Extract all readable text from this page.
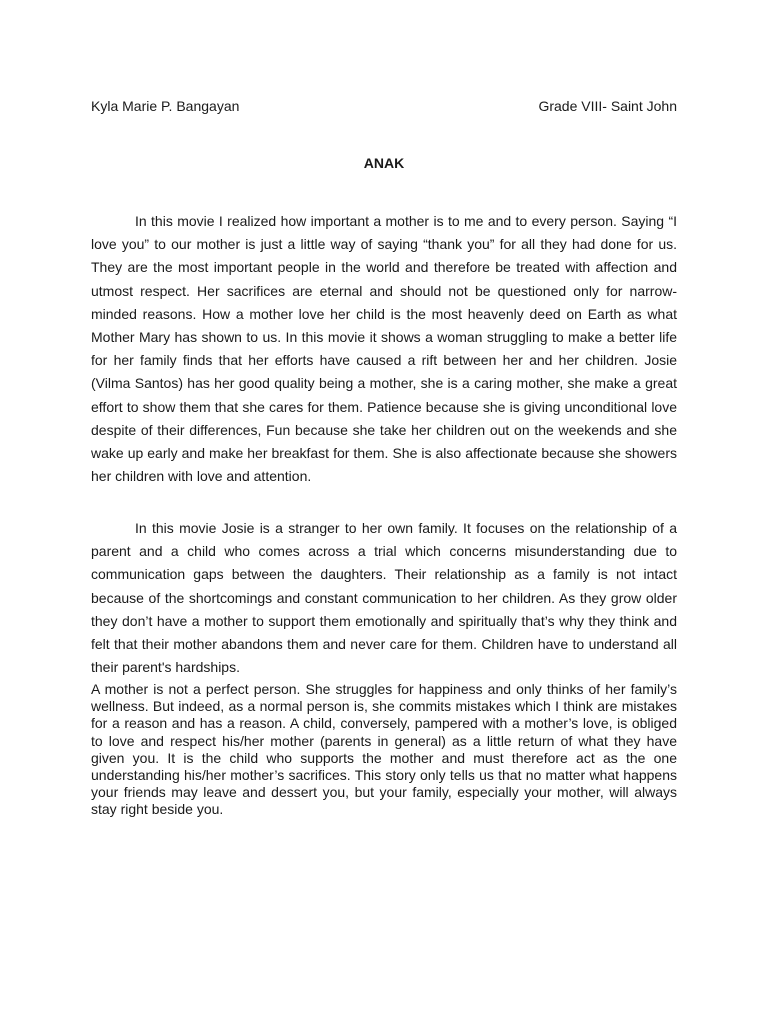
Kyla Marie P. Bangayan	Grade VIII- Saint John
ANAK

In this movie I realized how important a mother is to me and to every person. Saying “I love you” to our mother is just a little way of saying “thank you” for all they had done for us. They are the most important people in the world and therefore be treated with affection and utmost respect. Her sacrifices are eternal and should not be questioned only for narrow-minded reasons. How a mother love her child is the most heavenly deed on Earth as what Mother Mary has shown to us. In this movie it shows a woman struggling to make a better life for her family finds that her efforts have caused a rift between her and her children. Josie (Vilma Santos) has her good quality being a mother, she is a caring mother, she make a great effort to show them that she cares for them. Patience because she is giving unconditional love despite of their differences, Fun because she take her children out on the weekends and she wake up early and make her breakfast for them. She is also affectionate because she showers her children with love and attention.

In this movie Josie is a stranger to her own family. It focuses on the relationship of a parent and a child who comes across a trial which concerns misunderstanding due to communication gaps between the daughters. Their relationship as a family is not intact because of the shortcomings and constant communication to her children. As they grow older they don’t have a mother to support them emotionally and spiritually that’s why they think and felt that their mother abandons them and never care for them. Children have to understand all their parent's hardships.

A mother is not a perfect person. She struggles for happiness and only thinks of her family’s wellness. But indeed, as a normal person is, she commits mistakes which I think are mistakes for a reason and has a reason. A child, conversely, pampered with a mother’s love, is obliged to love and respect his/her mother (parents in general) as a little return of what they have given you. It is the child who supports the mother and must therefore act as the one understanding his/her mother’s sacrifices. This story only tells us that no matter what happens your friends may leave and dessert you, but your family, especially your mother, will always stay right beside you.
